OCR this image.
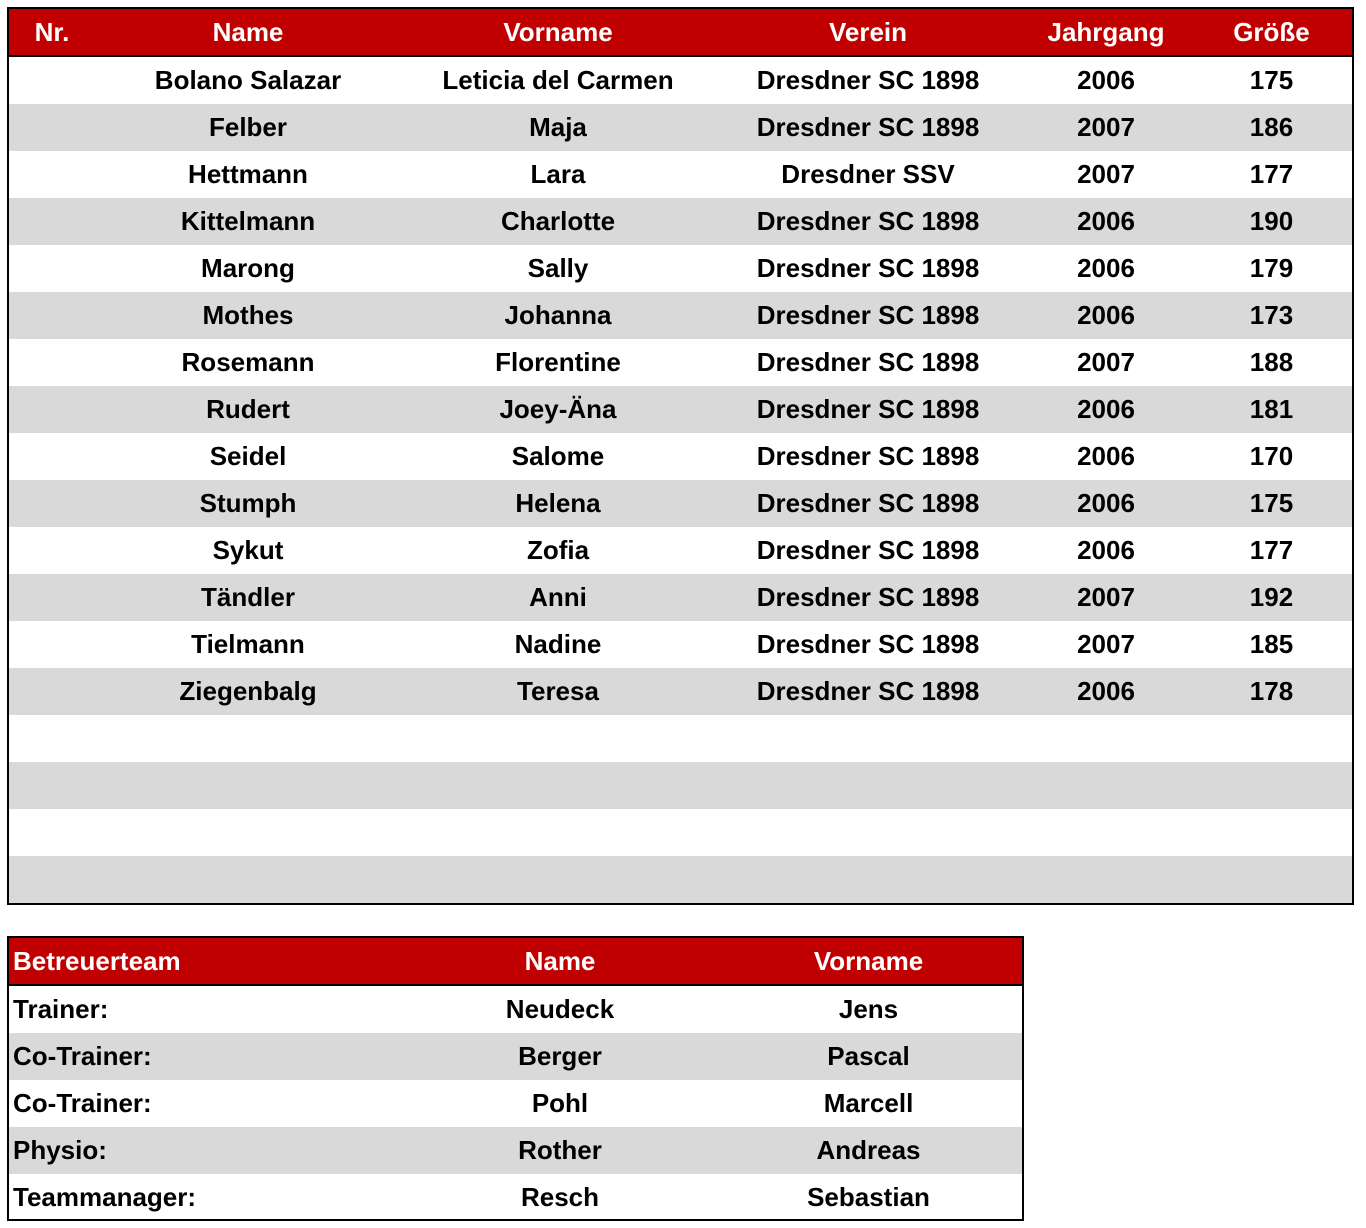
Nr.	Name	Vorname	Verein	Jahrgang	Größe
	Bolano Salazar	Leticia del Carmen	Dresdner SC 1898	2006	175
	Felber	Maja	Dresdner SC 1898	2007	186
	Hettmann	Lara	Dresdner SSV	2007	177
	Kittelmann	Charlotte	Dresdner SC 1898	2006	190
	Marong	Sally	Dresdner SC 1898	2006	179
	Mothes	Johanna	Dresdner SC 1898	2006	173
	Rosemann	Florentine	Dresdner SC 1898	2007	188
	Rudert	Joey-Äna	Dresdner SC 1898	2006	181
	Seidel	Salome	Dresdner SC 1898	2006	170
	Stumph	Helena	Dresdner SC 1898	2006	175
	Sykut	Zofia	Dresdner SC 1898	2006	177
	Tändler	Anni	Dresdner SC 1898	2007	192
	Tielmann	Nadine	Dresdner SC 1898	2007	185
	Ziegenbalg	Teresa	Dresdner SC 1898	2006	178

Betreuerteam	Name	Vorname
Trainer:	Neudeck	Jens
Co-Trainer:	Berger	Pascal
Co-Trainer:	Pohl	Marcell
Physio:	Rother	Andreas
Teammanager:	Resch	Sebastian
